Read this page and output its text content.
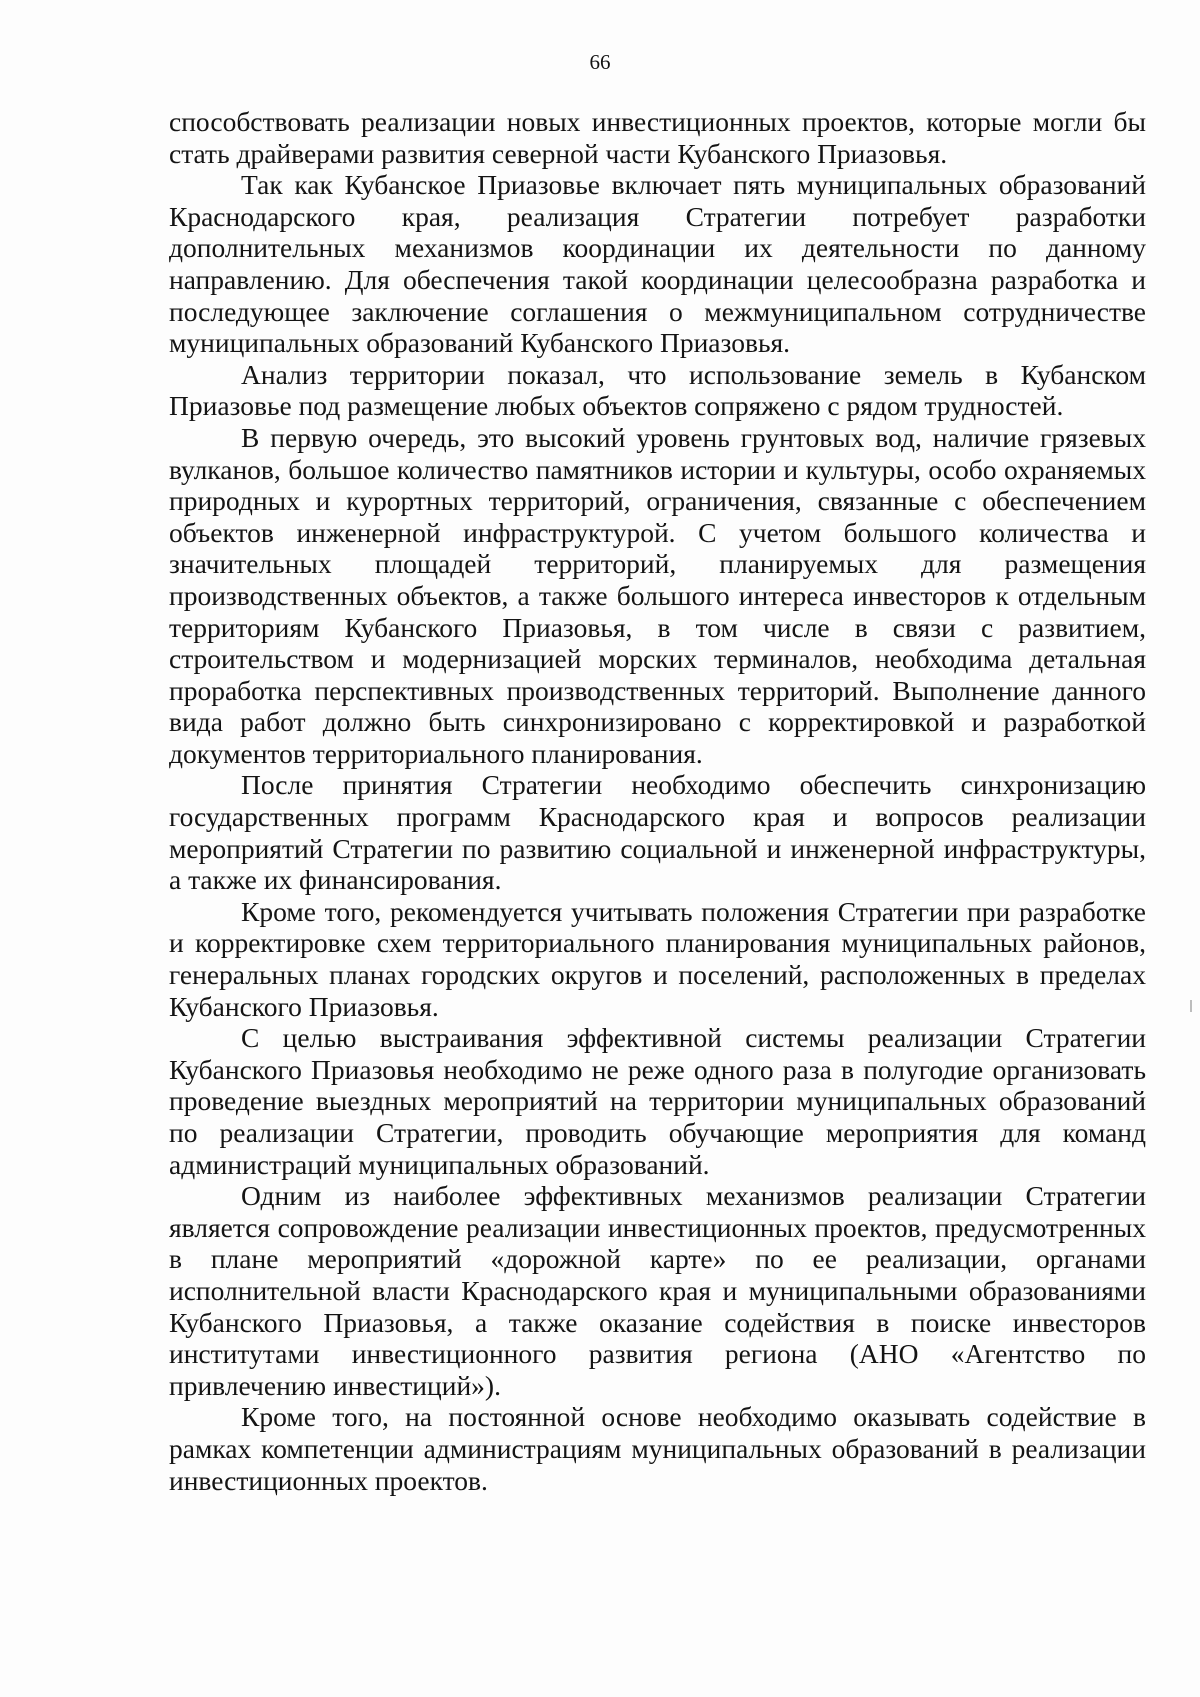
66

способствовать реализации новых инвестиционных проектов, которые могли бы стать драйверами развития северной части Кубанского Приазовья.

Так как Кубанское Приазовье включает пять муниципальных образований Краснодарского края, реализация Стратегии потребует разработки дополнительных механизмов координации их деятельности по данному направлению. Для обеспечения такой координации целесообразна разработка и последующее заключение соглашения о межмуниципальном сотрудничестве муниципальных образований Кубанского Приазовья.

Анализ территории показал, что использование земель в Кубанском Приазовье под размещение любых объектов сопряжено с рядом трудностей.

В первую очередь, это высокий уровень грунтовых вод, наличие грязевых вулканов, большое количество памятников истории и культуры, особо охраняемых природных и курортных территорий, ограничения, связанные с обеспечением объектов инженерной инфраструктурой. С учетом большого количества и значительных площадей территорий, планируемых для размещения производственных объектов, а также большого интереса инвесторов к отдельным территориям Кубанского Приазовья, в том числе в связи с развитием, строительством и модернизацией морских терминалов, необходима детальная проработка перспективных производственных территорий. Выполнение данного вида работ должно быть синхронизировано с корректировкой и разработкой документов территориального планирования.

После принятия Стратегии необходимо обеспечить синхронизацию государственных программ Краснодарского края и вопросов реализации мероприятий Стратегии по развитию социальной и инженерной инфраструктуры, а также их финансирования.

Кроме того, рекомендуется учитывать положения Стратегии при разработке и корректировке схем территориального планирования муниципальных районов, генеральных планах городских округов и поселений, расположенных в пределах Кубанского Приазовья.

С целью выстраивания эффективной системы реализации Стратегии Кубанского Приазовья необходимо не реже одного раза в полугодие организовать проведение выездных мероприятий на территории муниципальных образований по реализации Стратегии, проводить обучающие мероприятия для команд администраций муниципальных образований.

Одним из наиболее эффективных механизмов реализации Стратегии является сопровождение реализации инвестиционных проектов, предусмотренных в плане мероприятий «дорожной карте» по ее реализации, органами исполнительной власти Краснодарского края и муниципальными образованиями Кубанского Приазовья, а также оказание содействия в поиске инвесторов институтами инвестиционного развития региона (АНО «Агентство по привлечению инвестиций»).

Кроме того, на постоянной основе необходимо оказывать содействие в рамках компетенции администрациям муниципальных образований в реализации инвестиционных проектов.
